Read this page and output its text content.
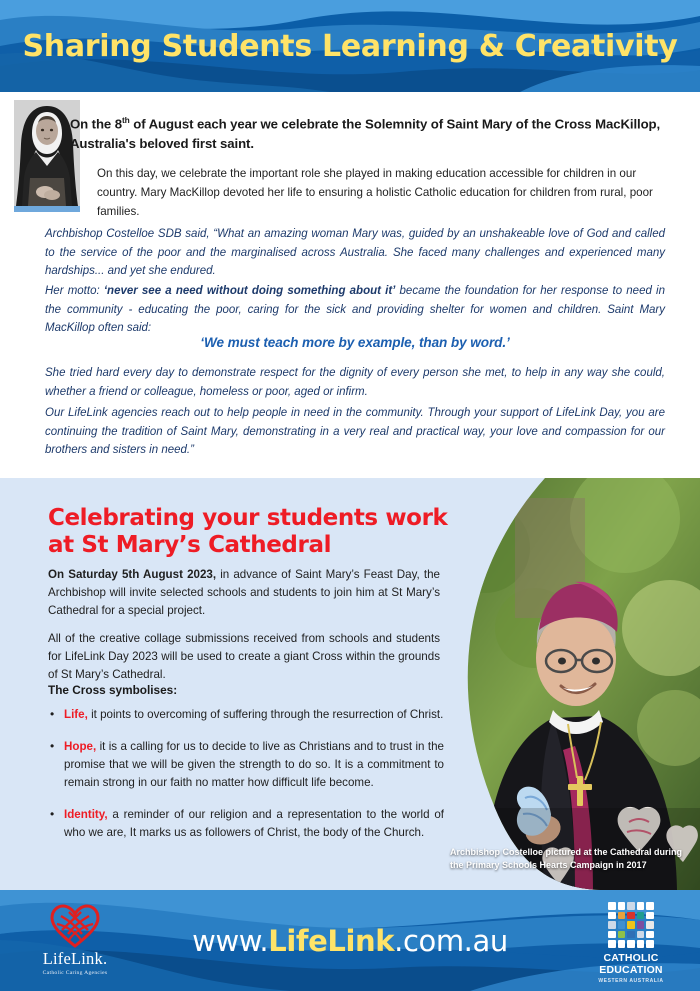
Sharing Students Learning & Creativity
On the 8th of August each year we celebrate the Solemnity of Saint Mary of the Cross MacKillop, Australia's beloved first saint.

On this day, we celebrate the important role she played in making education accessible for children in our country. Mary MacKillop devoted her life to ensuring a holistic Catholic education for children from rural, poor families.

Archbishop Costelloe SDB said, “What an amazing woman Mary was, guided by an unshakeable love of God and called to the service of the poor and the marginalised across Australia. She faced many challenges and experienced many hardships... and yet she endured.

Her motto: ‘never see a need without doing something about it’ became the foundation for her response to need in the community - educating the poor, caring for the sick and providing shelter for women and children. Saint Mary MacKillop often said:

‘We must teach more by example, than by word.’

She tried hard every day to demonstrate respect for the dignity of every person she met, to help in any way she could, whether a friend or colleague, homeless or poor, aged or infirm.

Our LifeLink agencies reach out to help people in need in the community. Through your support of LifeLink Day, you are continuing the tradition of Saint Mary, demonstrating in a very real and practical way, your love and compassion for our brothers and sisters in need.”

Archbishop Costelloe pictured at the Cathedral during the Primary Schools Hearts Campaign in 2017
Celebrating your students work
at St Mary’s Cathedral

On Saturday 5th August 2023, in advance of Saint Mary’s Feast Day, the Archbishop will invite selected schools and students to join him at St Mary’s Cathedral for a special project.

All of the creative collage submissions received from schools and students for LifeLink Day 2023 will be used to create a giant Cross within the grounds of St Mary’s Cathedral.

The Cross symbolises:
• Life, it points to overcoming of suffering through the resurrection of Christ.
• Hope, it is a calling for us to decide to live as Christians and to trust in the promise that we will be given the strength to do so. It is a commitment to remain strong in our faith no matter how difficult life become.
• Identity, a reminder of our religion and a representation to the world of who we are, It marks us as followers of Christ, the body of the Church.
LifeLink.
Catholic Caring Agencies
www. LifeLink .com.au
CATHOLIC
EDUCATION
WESTERN AUSTRALIA
